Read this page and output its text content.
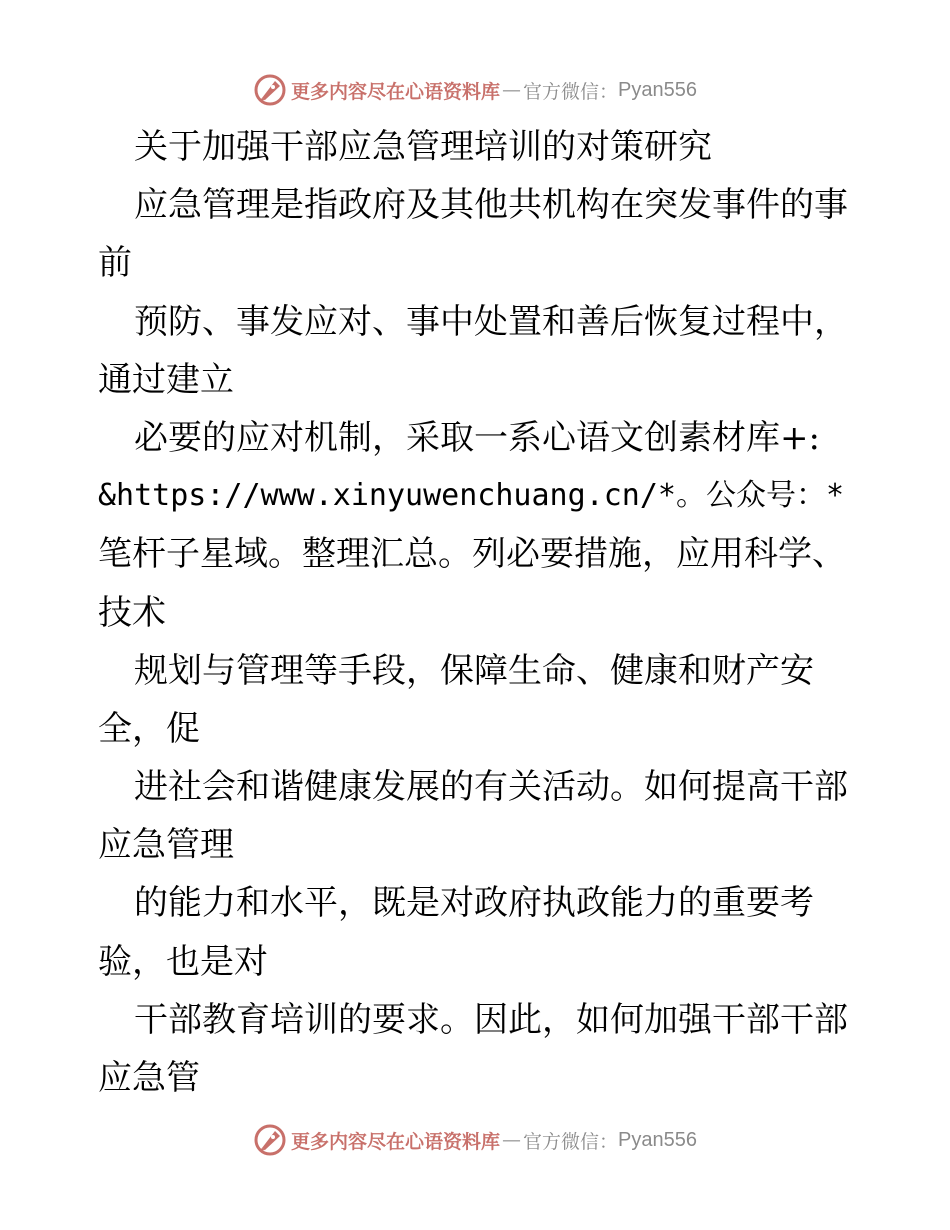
更多内容尽在心语资料库 — 官方微信： Pyan556
关于加强干部应急管理培训的对策研究
应急管理是指政府及其他共机构在突发事件的事
前
预防、事发应对、事中处置和善后恢复过程中，
通过建立
必要的应对机制，采取一系心语文创素材库+:
&https://www.xinyuwenchuang.cn/*。公众号：*
笔杆子星域。整理汇总。列必要措施，应用科学、
技术
规划与管理等手段，保障生命、健康和财产安
全，促
进社会和谐健康发展的有关活动。如何提高干部
应急管理
的能力和水平，既是对政府执政能力的重要考
验，也是对
干部教育培训的要求。因此，如何加强干部干部
应急管
更多内容尽在心语资料库 — 官方微信： Pyan556
